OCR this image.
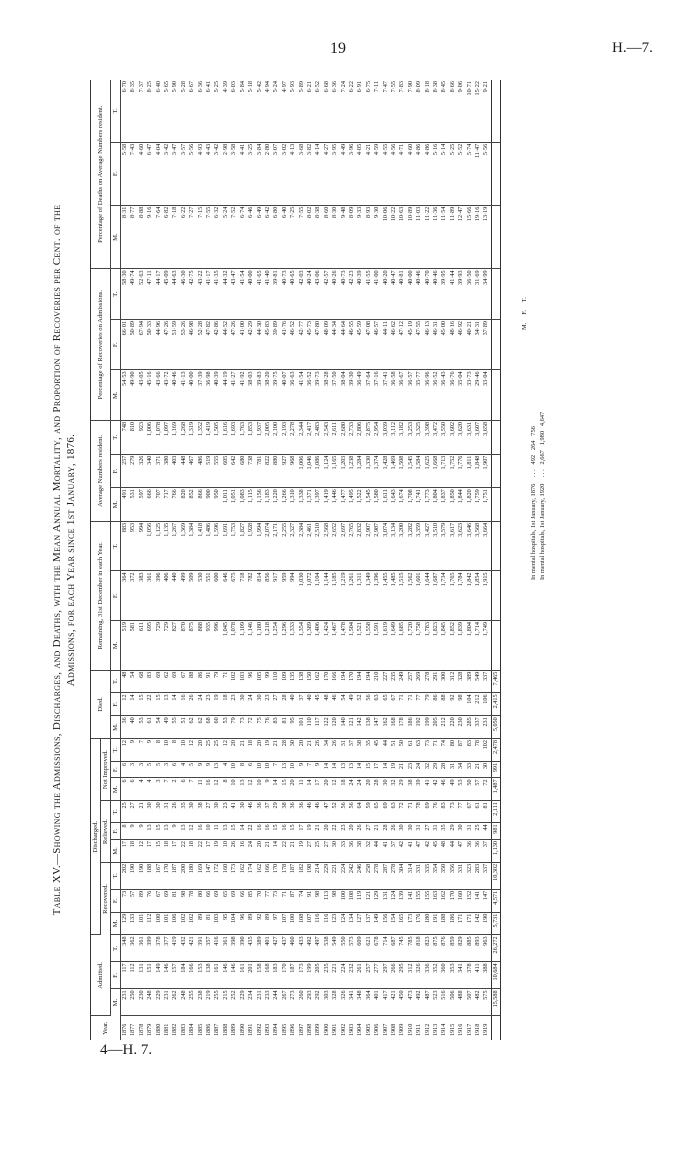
19	H.—7.
4—H. 7.
Table XV.—Showing the Admissions, Discharges, and Deaths, with the Mean Annual Mortality, and Proportion of Recoveries per Cent. of the Admissions, for each Year since 1st January, 1876.
Year.	Admitted.			Discharged.									Died.			Remaining, 31st December in each Year.			Average Numbers resident.			Percentage of Recoveries on Admissions.			Percentage of Deaths on Average Numbers resident.		
				Recovered.			Relieved.			Not Improved.																	
	M.	F.	T.	M.	F.	T.	M.	F.	T.	M.	F.	T.	M.	F.	T.	M.	F.	T.	M.	F.	T.	M.	F.	T.	M.	F.	T.
1876	231	117	348	129	73	202	17	8	25	6	6	12	36	12	48	519	364	883	491	257	748	54·53	66·01	58·30	8·31	5·58	6·70
1877	250	112	362	133	57	190	18	9	27	6	3	9	40	14	54	581	372	953	531	279	810	49·90	50·89	49·74	8·77	7·43	8·35
1878	230	131	361	101	89	190	12	9	21	4	3	7	53	15	68	611	383	994	597	326	923	43·05	67·94	52·63	8·88	4·60	7·37
1879	248	151	399	112	76	188	17	13	30	4	5	9	61	22	83	695	361	1,056	666	340	1,006	45·16	50·33	47·11	9·16	6·47	8·25
1880	229	149	378	100	67	167	15	15	30	3	5	8	54	15	69	729	396	1,125	707	371	1,078	43·66	44·96	44·17	7·64	4·04	6·40
1881	231	146	377	101	69	170	18	13	31	7	3	10	49	13	62	729	406	1,135	717	380	1,097	43·72	47·26	45·09	6·82	3·42	5·65
1882	262	157	419	106	81	187	17	9	26	2	6	8	55	14	69	827	440	1,267	766	403	1,169	40·46	51·59	44·63	7·18	3·47	5·90
1883	248	184	432	102	98	200	22	13	35	6	4	10	51	16	67	870	499	1,369	820	448	1,268	41·13	53·26	46·30	6·22	3·57	5·28
1884	255	166	421	102	78	180	18	12	30	7	5	12	62	26	88	875	509	1,384	852	467	1,319	40·00	46·98	42·75	7·27	5·56	6·67
1885	238	153	391	89	80	169	22	16	38	11	9	20	62	24	86	888	530	1,418	866	486	1,352	37·39	52·28	43·22	7·15	4·93	6·36
1886	219	138	357	81	66	147	17	10	27	16	9	25	68	23	91	935	551	1,486	900	519	1,419	36·98	47·82	41·17	7·55	4·43	6·41
1887	255	161	416	103	69	172	19	11	30	12	13	25	60	19	79	996	600	1,596	950	555	1,505	40·39	42·86	41·35	6·32	3·42	5·25
1888	215	146	361	95	65	160	10	13	23	8	4	12	53	18	71	1,045	646	1,691	1,011	605	1,616	44·19	44·52	44·32	5·24	2·98	4·39
1889	252	146	398	104	69	173	26	15	41	10	10	20	79	23	102	1,078	675	1,753	1,051	642	1,693	41·27	47·26	43·47	7·52	3·58	6·03
1890	229	161	390	96	66	162	16	14	30	13	8	21	73	30	103	1,109	718	1,827	1,083	680	1,763	41·92	41·00	41·54	6·74	4·41	5·84
1891	234	201	435	89	85	174	24	22	46	12	6	18	72	24	96	1,146	782	1,928	1,115	738	1,853	38·03	42·29	40·00	6·46	3·25	5·18
1892	231	158	389	92	70	162	20	16	36	10	10	20	75	30	105	1,180	814	1,994	1,156	781	1,937	39·83	44·30	41·65	6·49	3·84	5·42
1893	233	168	401	89	77	166	21	16	37	9	10	19	76	23	99	1,218	856	2,074	1,183	822	2,005	38·20	45·83	41·40	6·42	2·80	4·94
1894	244	183	427	97	73	170	14	15	29	14	7	21	83	27	110	1,254	917	2,171	1,220	880	2,100	39·75	39·89	39·81	6·80	3·07	5·24
1895	267	170	437	107	71	178	22	16	38	15	13	28	81	28	109	1,296	959	2,255	1,266	927	2,193	40·07	41·76	40·73	6·40	3·02	4·97
1896	273	187	460	100	87	187	21	15	36	20	10	30	95	40	135	1,333	994	2,327	1,310	968	2,278	36·63	46·52	40·65	7·25	4·13	5·93
1897	260	173	433	108	74	182	19	17	36	11	9	20	101	37	138	1,354	1,030	2,384	1,338	1,006	2,344	41·54	42·77	42·03	7·55	3·68	5·89
1898	293	199	492	107	91	198	27	19	46	14	7	21	110	40	150	1,389	1,072	2,461	1,371	1,046	2,417	36·52	45·73	40·24	8·02	3·82	6·21
1899	292	205	497	116	98	214	25	21	46	17	9	26	117	45	162	1,406	1,104	2,510	1,397	1,086	2,483	39·73	47·80	43·06	8·38	4·14	6·52
1900	303	235	538	116	113	229	27	20	47	20	14	34	122	48	170	1,424	1,144	2,568	1,419	1,124	2,543	38·28	48·09	42·57	8·60	4·27	6·68
1901	328	221	549	123	98	221	30	22	52	12	14	26	120	46	166	1,467	1,185	2,652	1,446	1,165	2,611	37·50	44·34	40·26	8·30	3·95	6·36
1902	326	224	550	124	100	224	33	23	56	18	13	31	140	54	194	1,478	1,219	2,697	1,477	1,203	2,680	38·04	44·64	40·73	9·48	4·49	7·24
1903	341	232	573	134	108	242	36	20	56	24	13	37	121	49	170	1,504	1,261	2,765	1,495	1,238	2,733	39·30	46·55	42·23	8·09	3·96	6·22
1904	348	261	609	127	119	246	38	26	64	24	14	38	142	52	194	1,521	1,311	2,832	1,522	1,284	2,806	36·49	45·59	40·39	9·33	4·05	6·91
1905	364	257	621	137	121	258	32	27	59	20	15	35	138	56	194	1,558	1,349	2,907	1,545	1,330	2,875	37·64	47·08	41·55	8·93	4·21	6·75
1906	401	277	678	149	129	278	44	21	65	28	17	45	147	63	210	1,591	1,396	2,987	1,580	1,374	2,954	37·16	46·57	41·00	9·30	4·59	7·11
1907	417	297	714	156	131	287	41	28	69	30	14	44	162	65	227	1,619	1,455	3,074	1,611	1,428	3,039	37·41	44·11	40·20	10·06	4·55	7·47
1908	421	266	687	154	124	278	37	26	63	32	19	51	168	67	235	1,649	1,485	3,134	1,643	1,469	3,112	36·58	46·62	40·47	10·22	4·56	7·55
1909	450	295	745	165	139	304	42	30	72	29	21	50	178	71	249	1,685	1,515	3,200	1,674	1,508	3,182	36·67	47·12	40·81	10·63	4·71	7·83
1910	473	312	785	173	141	314	41	30	71	38	23	61	186	71	257	1,720	1,562	3,282	1,708	1,545	3,253	36·57	45·19	40·00	10·89	4·60	7·90
1911	492	326	818	176	155	331	47	31	78	39	24	63	192	77	269	1,758	1,601	3,359	1,741	1,584	3,325	35·77	47·55	40·46	11·03	4·86	8·09
1912	487	336	823	180	155	335	42	27	69	41	32	73	199	79	278	1,783	1,644	3,427	1,773	1,625	3,398	36·96	46·13	40·70	11·22	4·86	8·18
1913	523	352	875	191	163	354	45	31	76	42	29	71	205	86	291	1,823	1,687	3,510	1,804	1,668	3,472	36·52	46·31	40·46	11·36	5·16	8·38
1914	516	360	876	188	162	350	48	35	83	46	28	74	212	88	300	1,845	1,734	3,579	1,837	1,713	3,550	36·43	45·00	39·95	11·54	5·14	8·45
1915	506	353	859	186	170	356	44	29	73	49	31	80	220	92	312	1,852	1,765	3,617	1,850	1,752	3,602	36·76	48·16	41·44	11·89	5·25	8·66
1916	488	341	829	171	160	331	47	30	77	53	34	87	230	98	328	1,839	1,784	3,623	1,844	1,776	3,620	35·04	46·92	39·93	12·47	5·52	9·06
1917	507	378	885	171	152	323	36	31	67	50	33	83	285	104	389	1,804	1,842	3,646	1,820	1,811	3,631	33·73	40·21	36·50	15·66	5·74	10·71
1918	482	411	893	142	141	283	36	25	61	57	21	78	337	212	549	1,714	1,854	3,568	1,759	1,848	3,607	29·46	34·31	31·69	19·16	11·47	15·22
1919	575	388	963	190	147	337	37	44	81	72	30	102	231	106	337	1,749	1,915	3,664	1,751	1,907	3,658	33·04	37·89	34·99	13·19	5·56	9·21
	15,588	10,684	26,272	5,731	4,571	10,302	1,130	981	2,111	1,487	991	2,478	5,050	2,415	7,465												
M.     F.     T.
In mental hospitals, 1st January, 1876    . . .   492   264   756
In mental hospitals, 1st January, 1920    . . .   2,667   1,980   4,647
